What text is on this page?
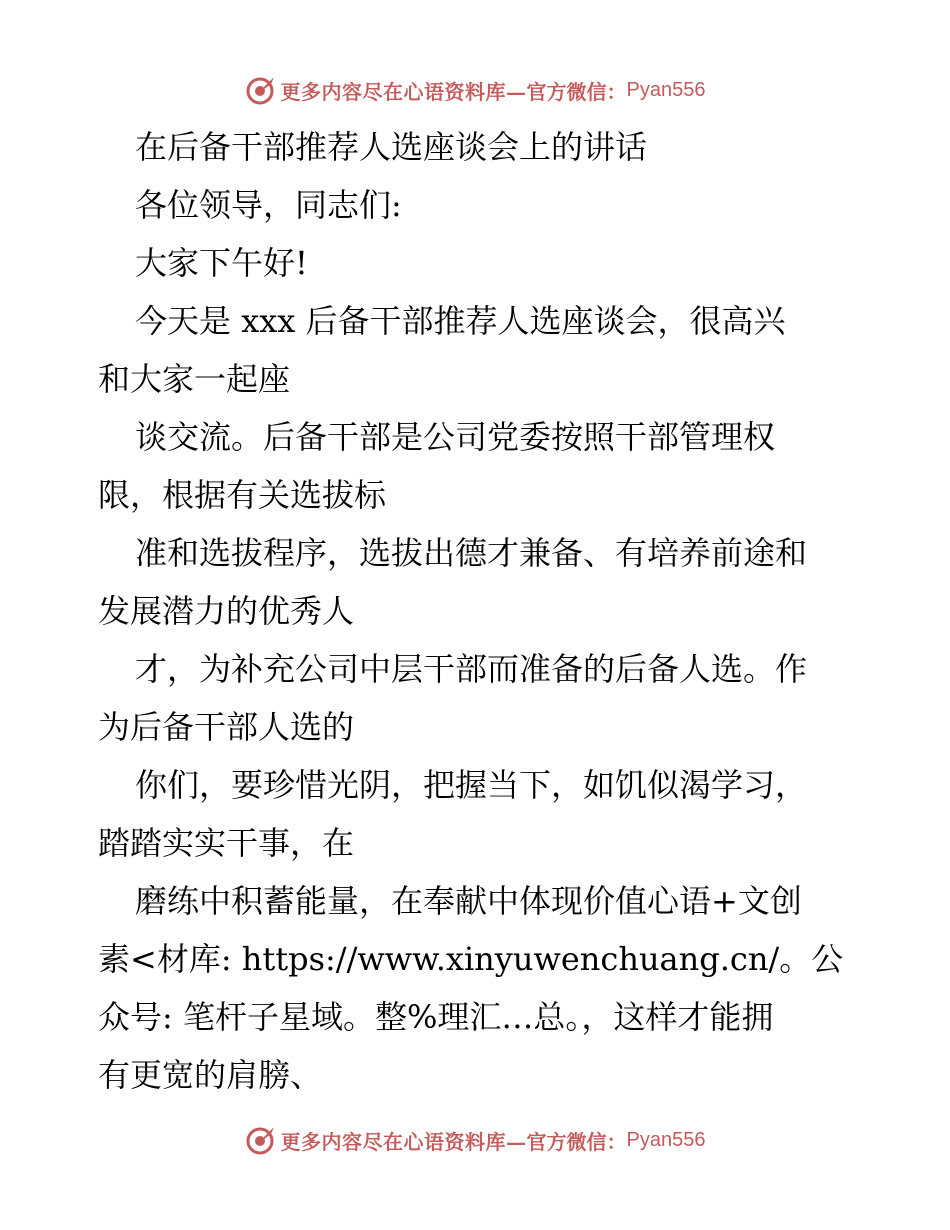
更多内容尽在心语资料库— 官方微信： Pyan556
在后备干部推荐人选座谈会上的讲话
各位领导，同志们:
大家下午好!
今天是 xxx 后备干部推荐人选座谈会，很高兴
和大家一起座
谈交流。后备干部是公司党委按照干部管理权
限，根据有关选拔标
准和选拔程序，选拔出德才兼备、有培养前途和
发展潜力的优秀人
才，为补充公司中层干部而准备的后备人选。作
为后备干部人选的
你们，要珍惜光阴，把握当下，如饥似渴学习，
踏踏实实干事，在
磨练中积蓄能量，在奉献中体现价值心语+文创
素<材库: https://www.xinyuwenchuang.cn/。公
众号: 笔杆子星域。整%理汇…总。，这样才能拥
有更宽的肩膀、
更多内容尽在心语资料库— 官方微信： Pyan556
